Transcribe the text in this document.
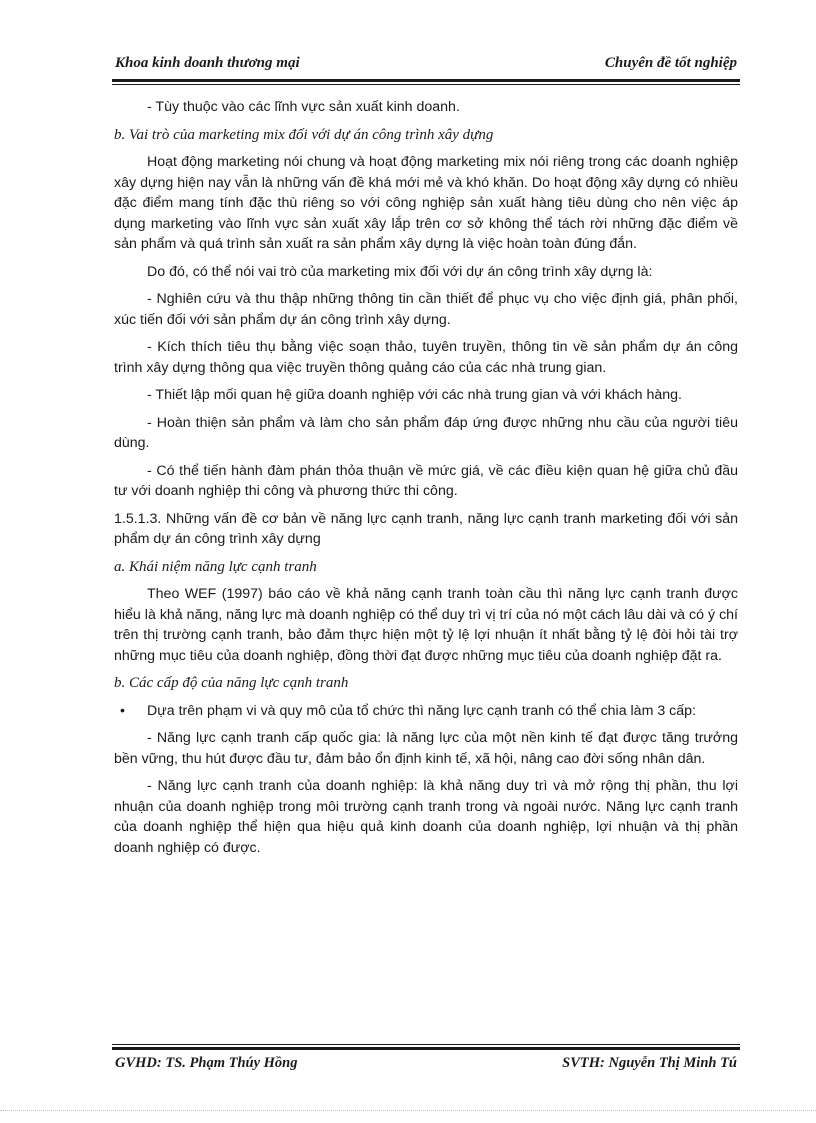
Khoa kinh doanh thương mại	Chuyên đề tốt nghiệp

- Tùy thuộc vào các lĩnh vực sản xuất kinh doanh.

b. Vai trò của marketing mix đối với dự án công trình xây dựng

Hoạt động marketing nói chung và hoạt động marketing mix nói riêng trong các doanh nghiệp xây dựng hiện nay vẫn là những vấn đề khá mới mẻ và khó khăn. Do hoạt động xây dựng có nhiều đặc điểm mang tính đặc thù riêng so với công nghiệp sản xuất hàng tiêu dùng cho nên việc áp dụng marketing vào lĩnh vực sản xuất xây lắp trên cơ sở không thể tách rời những đặc điểm về sản phẩm và quá trình sản xuất ra sản phẩm xây dựng là việc hoàn toàn đúng đắn.

Do đó, có thể nói vai trò của marketing mix đối với dự án công trình xây dựng là:

- Nghiên cứu và thu thập những thông tin cần thiết để phục vụ cho việc định giá, phân phối, xúc tiến đối với sản phẩm dự án công trình xây dựng.

- Kích thích tiêu thụ bằng việc soạn thảo, tuyên truyền, thông tin về sản phẩm dự án công trình xây dựng thông qua việc truyền thông quảng cáo của các nhà trung gian.

- Thiết lập mối quan hệ giữa doanh nghiệp với các nhà trung gian và với khách hàng.

- Hoàn thiện sản phẩm và làm cho sản phẩm đáp ứng được những nhu cầu của người tiêu dùng.

- Có thể tiến hành đàm phán thỏa thuận về mức giá, về các điều kiện quan hệ giữa chủ đầu tư với doanh nghiệp thi công và phương thức thi công.

1.5.1.3. Những vấn đề cơ bản về năng lực cạnh tranh, năng lực cạnh tranh marketing đối với sản phẩm dự án công trình xây dựng

a. Khái niệm năng lực cạnh tranh

Theo WEF (1997) báo cáo về khả năng cạnh tranh toàn cầu thì năng lực cạnh tranh được hiểu là khả năng, năng lực mà doanh nghiệp có thể duy trì vị trí của nó một cách lâu dài và có ý chí trên thị trường cạnh tranh, bảo đảm thực hiện một tỷ lệ lợi nhuận ít nhất bằng tỷ lệ đòi hỏi tài trợ những mục tiêu của doanh nghiệp, đồng thời đạt được những mục tiêu của doanh nghiệp đặt ra.

b. Các cấp độ của năng lực cạnh tranh

• Dựa trên phạm vi và quy mô của tổ chức thì năng lực cạnh tranh có thể chia làm 3 cấp:

- Năng lực cạnh tranh cấp quốc gia: là năng lực của một nền kinh tế đạt được tăng trưởng bền vững, thu hút được đầu tư, đảm bảo ổn định kinh tế, xã hội, nâng cao đời sống nhân dân.

- Năng lực cạnh tranh của doanh nghiệp: là khả năng duy trì và mở rộng thị phần, thu lợi nhuận của doanh nghiệp trong môi trường cạnh tranh trong và ngoài nước. Năng lực cạnh tranh của doanh nghiệp thể hiện qua hiệu quả kinh doanh của doanh nghiệp, lợi nhuận và thị phần doanh nghiệp có được.

GVHD: TS. Phạm Thúy Hồng	SVTH: Nguyễn Thị Minh Tú
